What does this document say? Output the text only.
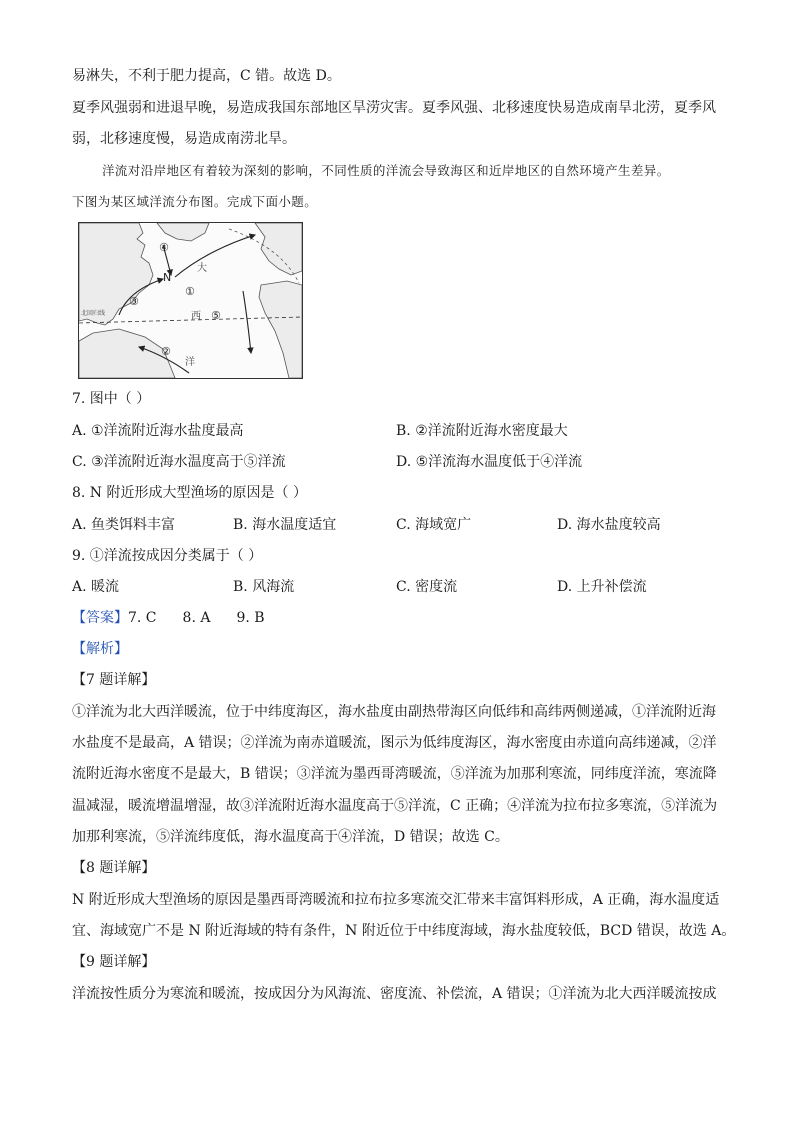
易淋失，不利于肥力提高，C 错。故选 D。
夏季风强弱和进退早晚，易造成我国东部地区旱涝灾害。夏季风强、北移速度快易造成南旱北涝，夏季风
弱，北移速度慢，易造成南涝北旱。
洋流对沿岸地区有着较为深刻的影响，不同性质的洋流会导致海区和近岸地区的自然环境产生差异。
下图为某区域洋流分布图。完成下面小题。
④
N
①
③
⑤
②
大
西
洋
北回归线
7. 图中（ ）
A. ①洋流附近海水盐度最高	B. ②洋流附近海水密度最大
C. ③洋流附近海水温度高于⑤洋流	D. ⑤洋流海水温度低于④洋流
8. N 附近形成大型渔场的原因是（ ）
A. 鱼类饵料丰富	B. 海水温度适宜	C. 海域宽广	D. 海水盐度较高
9. ①洋流按成因分类属于（ ）
A. 暖流	B. 风海流	C. 密度流	D. 上升补偿流
【答案】7. C 8. A 9. B
【解析】
【7 题详解】
①洋流为北大西洋暖流，位于中纬度海区，海水盐度由副热带海区向低纬和高纬两侧递减，①洋流附近海
水盐度不是最高，A 错误；②洋流为南赤道暖流，图示为低纬度海区，海水密度由赤道向高纬递减，②洋
流附近海水密度不是最大，B 错误；③洋流为墨西哥湾暖流，⑤洋流为加那利寒流，同纬度洋流，寒流降
温减湿，暖流增温增湿，故③洋流附近海水温度高于⑤洋流，C 正确；④洋流为拉布拉多寒流，⑤洋流为
加那利寒流，⑤洋流纬度低，海水温度高于④洋流，D 错误；故选 C。
【8 题详解】
N 附近形成大型渔场的原因是墨西哥湾暖流和拉布拉多寒流交汇带来丰富饵料形成，A 正确，海水温度适
宜、海域宽广不是 N 附近海域的特有条件，N 附近位于中纬度海域，海水盐度较低，BCD 错误，故选 A。
【9 题详解】
洋流按性质分为寒流和暖流，按成因分为风海流、密度流、补偿流，A 错误；①洋流为北大西洋暖流按成
